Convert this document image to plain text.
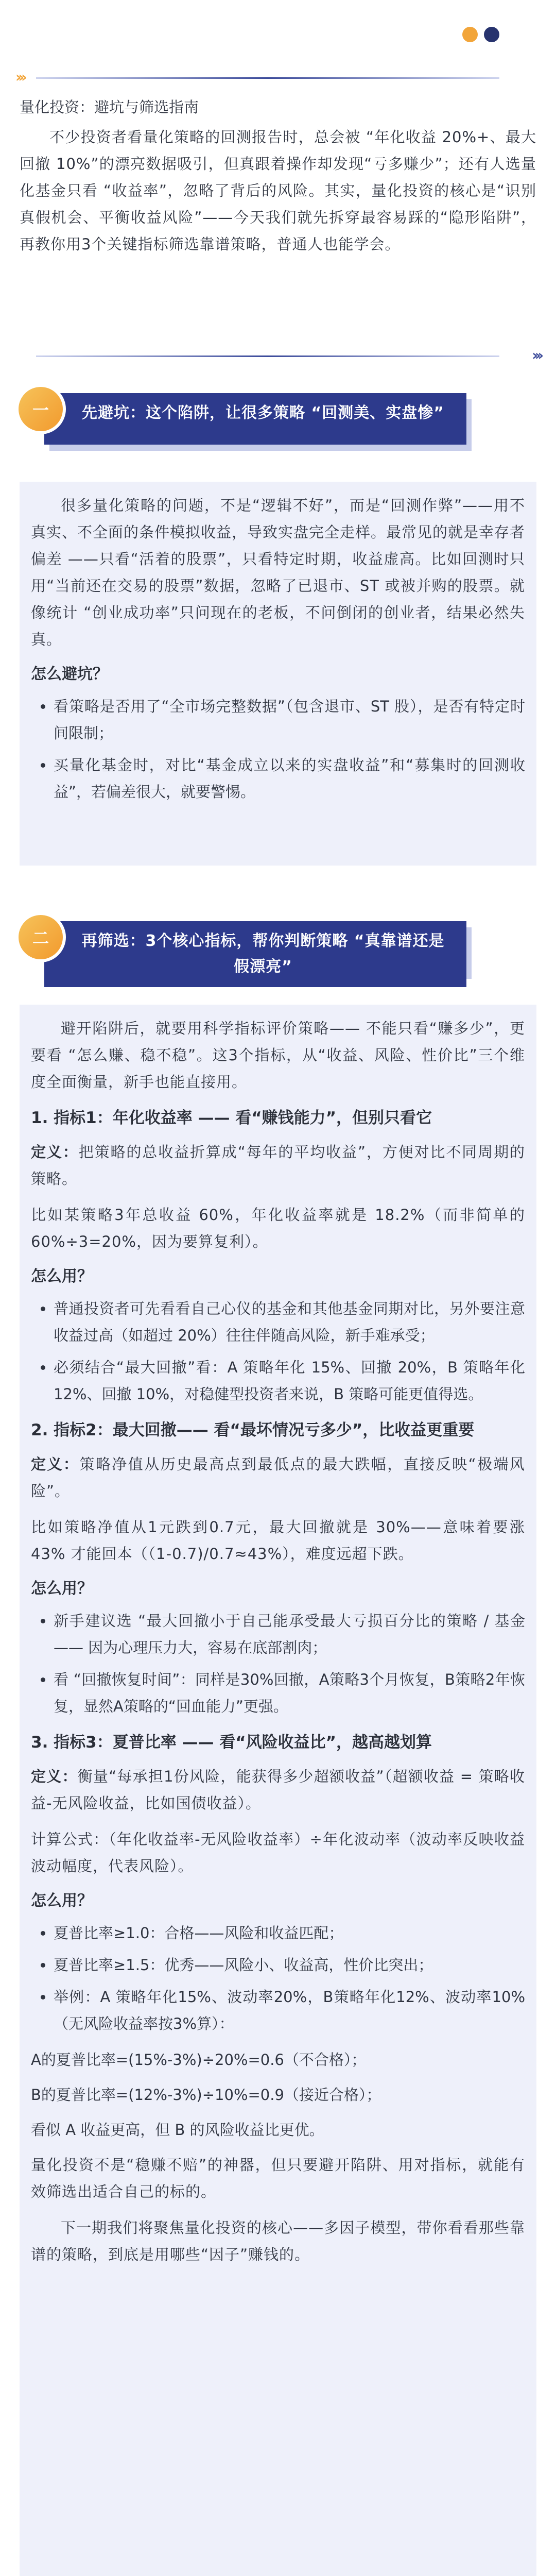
›››
量化投资：避坑与筛选指南

不少投资者看量化策略的回测报告时，总会被 “年化收益 20%+、最大回撤 10%”的漂亮数据吸引，但真跟着操作却发现“亏多赚少”；还有人选量化基金只看 “收益率”，忽略了背后的风险。其实，量化投资的核心是“识别真假机会、平衡收益风险”——今天我们就先拆穿最容易踩的“隐形陷阱”，再教你用3个关键指标筛选靠谱策略，普通人也能学会。

›››
一	先避坑：这个陷阱，让很多策略 “回测美、实盘惨”

很多量化策略的问题，不是“逻辑不好”，而是“回测作弊”——用不真实、不全面的条件模拟收益，导致实盘完全走样。最常见的就是幸存者偏差 ——只看“活着的股票”，只看特定时期，收益虚高。比如回测时只用“当前还在交易的股票”数据，忽略了已退市、ST 或被并购的股票。就像统计 “创业成功率”只问现在的老板，不问倒闭的创业者，结果必然失真。

怎么避坑？
• 看策略是否用了“全市场完整数据”（包含退市、ST 股），是否有特定时间限制；
• 买量化基金时，对比“基金成立以来的实盘收益”和“募集时的回测收益”，若偏差很大，就要警惕。
二	再筛选：3个核心指标，帮你判断策略 “真靠谱还是假漂亮”

避开陷阱后，就要用科学指标评价策略—— 不能只看“赚多少”，更要看 “怎么赚、稳不稳”。这3个指标，从“收益、风险、性价比”三个维度全面衡量，新手也能直接用。

1. 指标1：年化收益率 —— 看“赚钱能力”，但别只看它

定义：把策略的总收益折算成“每年的平均收益”，方便对比不同周期的策略。

比如某策略3年总收益 60%，年化收益率就是 18.2%（而非简单的 60%÷3=20%，因为要算复利）。

怎么用？
• 普通投资者可先看看自己心仪的基金和其他基金同期对比，另外要注意收益过高（如超过 20%）往往伴随高风险，新手难承受；
• 必须结合“最大回撤”看：A 策略年化 15%、回撤 20%，B 策略年化 12%、回撤 10%，对稳健型投资者来说，B 策略可能更值得选。
2. 指标2：最大回撤—— 看“最坏情况亏多少”，比收益更重要

定义：策略净值从历史最高点到最低点的最大跌幅，直接反映“极端风险”。

比如策略净值从1元跌到0.7元，最大回撤就是 30%——意味着要涨 43% 才能回本（（1-0.7)/0.7≈43%），难度远超下跌。

怎么用？
• 新手建议选 “最大回撤小于自己能承受最大亏损百分比的策略 / 基金 —— 因为心理压力大，容易在底部割肉；
• 看 “回撤恢复时间”：同样是30%回撤，A策略3个月恢复，B策略2年恢复，显然A策略的“回血能力”更强。
3. 指标3：夏普比率 —— 看“风险收益比”，越高越划算

定义：衡量“每承担1份风险，能获得多少超额收益”（超额收益 = 策略收益-无风险收益，比如国债收益）。

计算公式：（年化收益率-无风险收益率）÷年化波动率（波动率反映收益波动幅度，代表风险）。

怎么用？
• 夏普比率≥1.0：合格——风险和收益匹配；
• 夏普比率≥1.5：优秀——风险小、收益高，性价比突出；
• 举例：A 策略年化15%、波动率20%，B策略年化12%、波动率10%（无风险收益率按3%算）：
A的夏普比率=(15%-3%)÷20%=0.6（不合格）；
B的夏普比率=(12%-3%)÷10%=0.9（接近合格）；
看似 A 收益更高，但 B 的风险收益比更优。

量化投资不是“稳赚不赔”的神器，但只要避开陷阱、用对指标，就能有效筛选出适合自己的标的。

下一期我们将聚焦量化投资的核心——多因子模型，带你看看那些靠谱的策略，到底是用哪些“因子”赚钱的。
